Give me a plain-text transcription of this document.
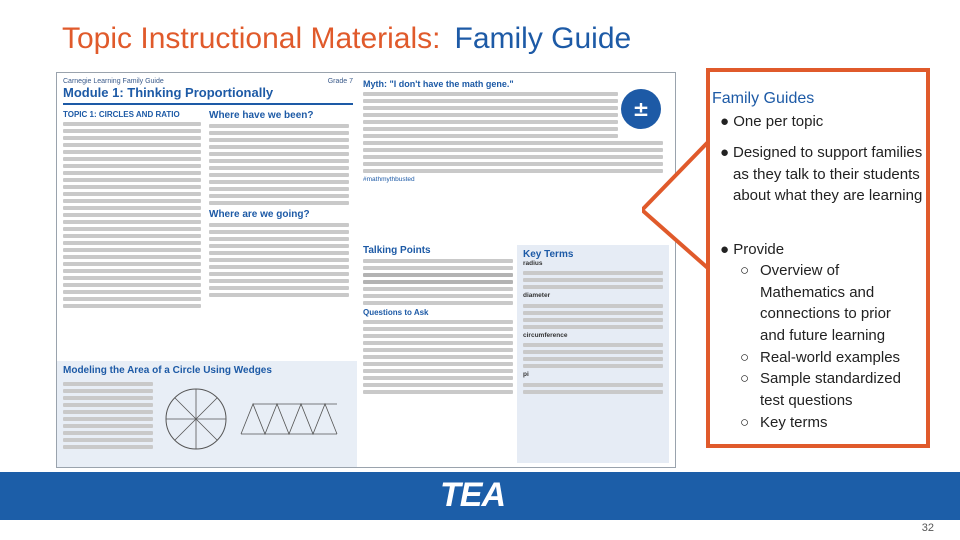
Topic Instructional Materials: Family Guide
Carnegie Learning Family Guide	Grade 7
Module 1: Thinking Proportionally
TOPIC 1: CIRCLES AND RATIO	Where have we been?
Where are we going?
Myth: "I don't have the math gene."
#mathmythbusted
±
Talking Points
Questions to Ask
Key Terms
radius
diameter
circumference
pi
Modeling the Area of a Circle Using Wedges
Family Guides
● One per topic
● Designed to support families as they talk to their students about what they are learning
● Provide
○ Overview of Mathematics and connections to prior and future learning
○ Real-world examples
○ Sample standardized test questions
○ Key terms
TEA
32
